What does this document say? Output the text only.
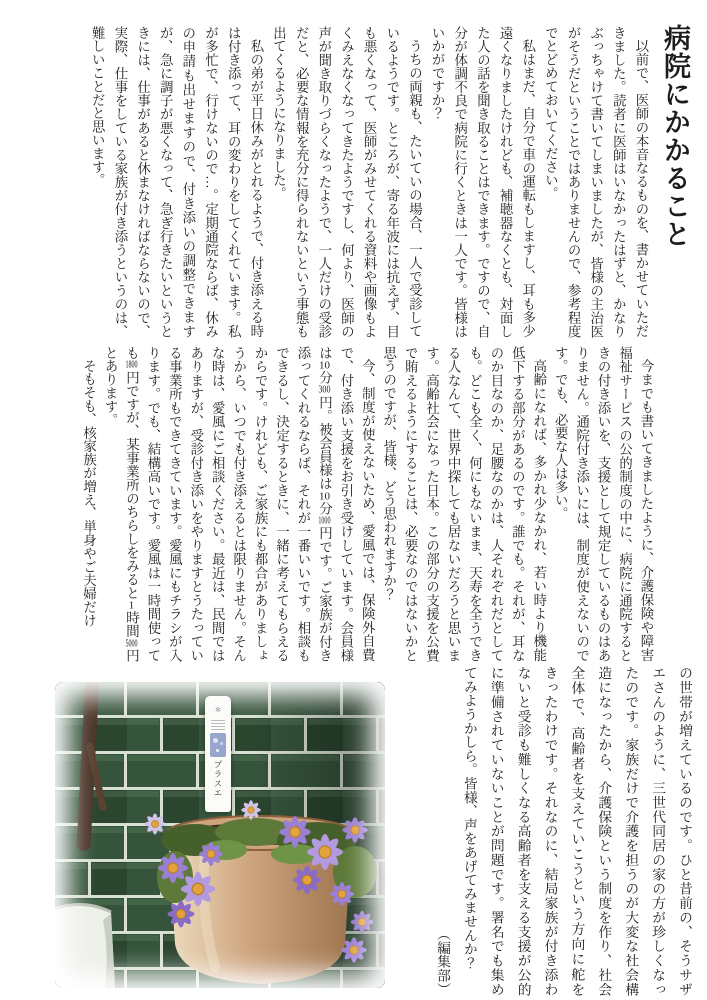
病院にかかること

以前で、医師の本音なるものを、書かせていただきました。読者に医師はいなかったはずと、かなりぶっちゃけて書いてしまいましたが、皆様の主治医がそうだということではありませんので、参考程度でとどめておいてください。

私はまだ、自分で車の運転もしますし、耳も多少遠くなりましたけれども、補聴器なくとも、対面した人の話を聞き取ることはできます。ですので、自分が体調不良で病院に行くときは一人です。皆様はいかがですか？

うちの両親も、たいていの場合、一人で受診しているようです。ところが、寄る年波には抗えず、目も悪くなって、医師がみせてくれる資料や画像もよくみえなくなってきたようですし、何より、医師の声が聞き取りづらくなったようで、一人だけの受診だと、必要な情報を充分に得られないという事態も出てくるようになりました。

私の弟が平日休みがとれるようで、付き添える時は付き添って、耳の変わりをしてくれています。私が多忙で、行けないので…。定期通院ならば、休みの申請も出せますので、付き添いの調整できますが、急に調子が悪くなって、急ぎ行きたいというときには、仕事があると休まなければならないので、実際、仕事をしている家族が付き添うというのは、難しいことだと思います。

今までも書いてきましたように、介護保険や障害福祉サービスの公的制度の中に、病院に通院するときの付き添いを、支援として規定しているものはありません。通院付き添いには、制度が使えないのです。でも、必要な人は多い。

高齢になれば、多かれ少なかれ、若い時より機能低下する部分があるのです。誰でも。それが、耳なのか目なのか、足腰なのかは、人それぞれだとしても。どこも全く、何にもないまま、天寿を全うできる人なんて、世界中探しても居ないだろうと思います。高齢社会になった日本。この部分の支援を公費で賄えるようにすることは、必要なのではないかと思うのですが、皆様、どう思われますか？

今、制度が使えないため、愛風では、保険外自費で、付き添い支援をお引き受けしています。会員様は10分300円。被会員様は10分1000円です。ご家族が付き添ってくれるならば、それが一番いいです。相談もできるし、決定するときに、一緒に考えてもらえるからです。けれども、ご家族にも都合がありましょうから、いつでも付き添えるとは限りません。そんな時は、愛風にご相談ください。最近は、民間ではありますが、受診付き添いをやりますとうたっている事業所もできてきています。愛風にもチラシが入ります。でも、結構高いです。愛風は一時間使っても1800円ですが、某事業所のちらしをみると1時間5000円とあります。

そもそも、核家族が増え、単身やご夫婦だけ

の世帯が増えているのです。ひと昔前の、そうサザエさんのように、三世代同居の家の方が珍しくなったのです。家族だけで介護を担うのが大変な社会構造になったから、介護保険という制度を作り、社会全体で、高齢者を支えていこうという方向に舵をきったわけです。それなのに、結局家族が付き添わないと受診も難しくなる高齢者を支える支援が公的に準備されていないことが問題です。署名でも集めてみようかしら。皆様、声をあげてみませんか？

（編集部）

✻
プラスエ
